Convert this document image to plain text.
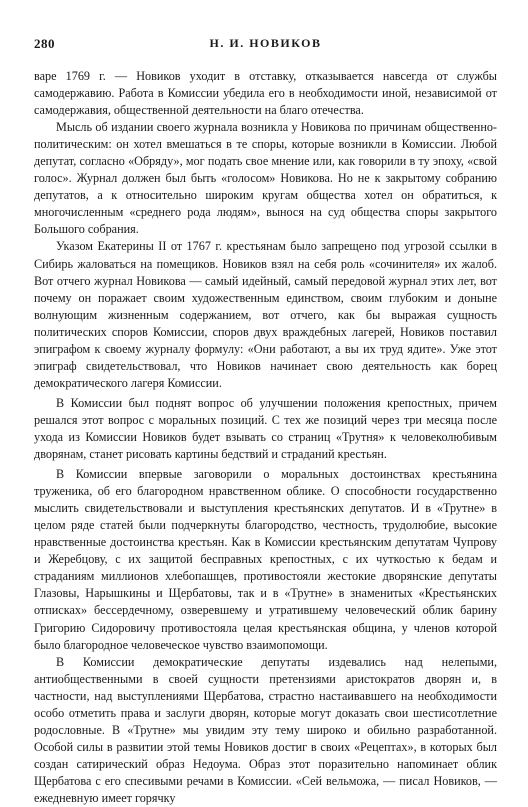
280	Н. И. НОВИКОВ

варе 1769 г. — Новиков уходит в отставку, отказывается навсегда от службы самодержавию. Работа в Комиссии убедила его в необходимости иной, независимой от самодержавия, общественной деятельности на благо отечества.

Мысль об издании своего журнала возникла у Новикова по причинам общественно-политическим: он хотел вмешаться в те споры, которые возникли в Комиссии. Любой депутат, согласно «Обряду», мог подать свое мнение или, как говорили в ту эпоху, «свой голос». Журнал должен был быть «голосом» Новикова. Но не к закрытому собранию депутатов, а к относительно широким кругам общества хотел он обратиться, к многочисленным «среднего рода людям», вынося на суд общества споры закрытого Большого собрания.

Указом Екатерины II от 1767 г. крестьянам было запрещено под угрозой ссылки в Сибирь жаловаться на помещиков. Новиков взял на себя роль «сочинителя» их жалоб. Вот отчего журнал Новикова — самый идейный, самый передовой журнал этих лет, вот почему он поражает своим художественным единством, своим глубоким и доныне волнующим жизненным содержанием, вот отчего, как бы выражая сущность политических споров Комиссии, споров двух враждебных лагерей, Новиков поставил эпиграфом к своему журналу формулу: «Они работают, а вы их труд ядите». Уже этот эпиграф свидетельствовал, что Новиков начинает свою деятельность как борец демократического лагеря Комиссии.

В Комиссии был поднят вопрос об улучшении положения крепостных, причем решался этот вопрос с моральных позиций. С тех же позиций через три месяца после ухода из Комиссии Новиков будет взывать со страниц «Трутня» к человеколюбивым дворянам, станет рисовать картины бедствий и страданий крестьян.

В Комиссии впервые заговорили о моральных достоинствах крестьянина труженика, об его благородном нравственном облике. О способности государственно мыслить свидетельствовали и выступления крестьянских депутатов. И в «Трутне» в целом ряде статей были подчеркнуты благородство, честность, трудолюбие, высокие нравственные достоинства крестьян. Как в Комиссии крестьянским депутатам Чупрову и Жеребцову, с их защитой бесправных крепостных, с их чуткостью к бедам и страданиям миллионов хлебопашцев, противостояли жестокие дворянские депутаты Глазовы, Нарышкины и Щербатовы, так и в «Трутне» в знаменитых «Крестьянских отписках» бессердечному, озверевшему и утратившему человеческий облик барину Григорию Сидоровичу противостояла целая крестьянская община, у членов которой было благородное человеческое чувство взаимопомощи.

В Комиссии демократические депутаты издевались над нелепыми, антиобщественными в своей сущности претензиями аристократов дворян и, в частности, над выступлениями Щербатова, страстно настаивавшего на необходимости особо отметить права и заслуги дворян, которые могут доказать свои шестисотлетние родословные. В «Трутне» мы увидим эту тему широко и обильно разработанной. Особой силы в развитии этой темы Новиков достиг в своих «Рецептах», в которых был создан сатирический образ Недоума. Образ этот поразительно напоминает облик Щербатова с его спесивыми речами в Комиссии. «Сей вельможа, — писал Новиков, — ежедневную имеет горячку
